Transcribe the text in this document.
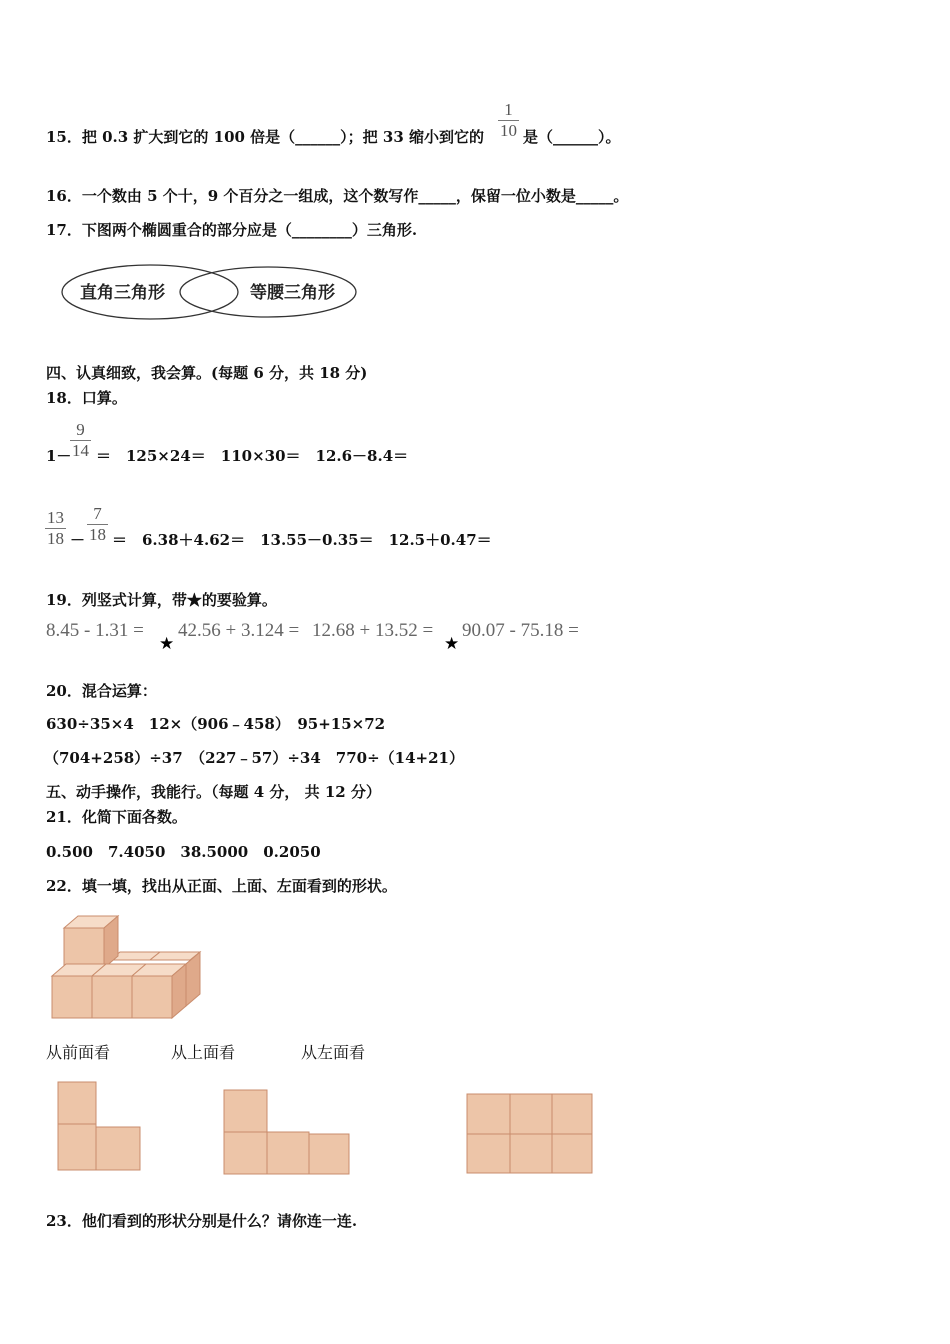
15．把 0.3 扩大到它的 100 倍是（______）；把 33 缩小到它的
1
10 是（______）。
16．一个数由 5 个十，9 个百分之一组成，这个数写作_____，保留一位小数是_____。
17．下图两个椭圆重合的部分应是（________）三角形.
直角三角形	等腰三角形
四、认真细致，我会算。(每题 6 分，共 18 分)
18．口算。
1－
9
14 ＝　125×24＝　110×30＝　12.6－8.4＝
13
18 －
7
18 ＝　6.38＋4.62＝　13.55－0.35＝　12.5＋0.47＝
19．列竖式计算，带★的要验算。
8.45 - 1.31 =
★
42.56 + 3.124 = 12.68 + 13.52 =
★
90.07 - 75.18 =
20．混合运算：
630÷35×4　12×（906﹣458）　95+15×72
（704+258）÷37　（227﹣57）÷34　770÷（14+21）
五、动手操作，我能行。（每题 4 分， 共 12 分）
21．化简下面各数。
0.500　7.4050　38.5000　0.2050
22．填一填，找出从正面、上面、左面看到的形状。
从前面看	从上面看	从左面看
23．他们看到的形状分别是什么？请你连一连.
